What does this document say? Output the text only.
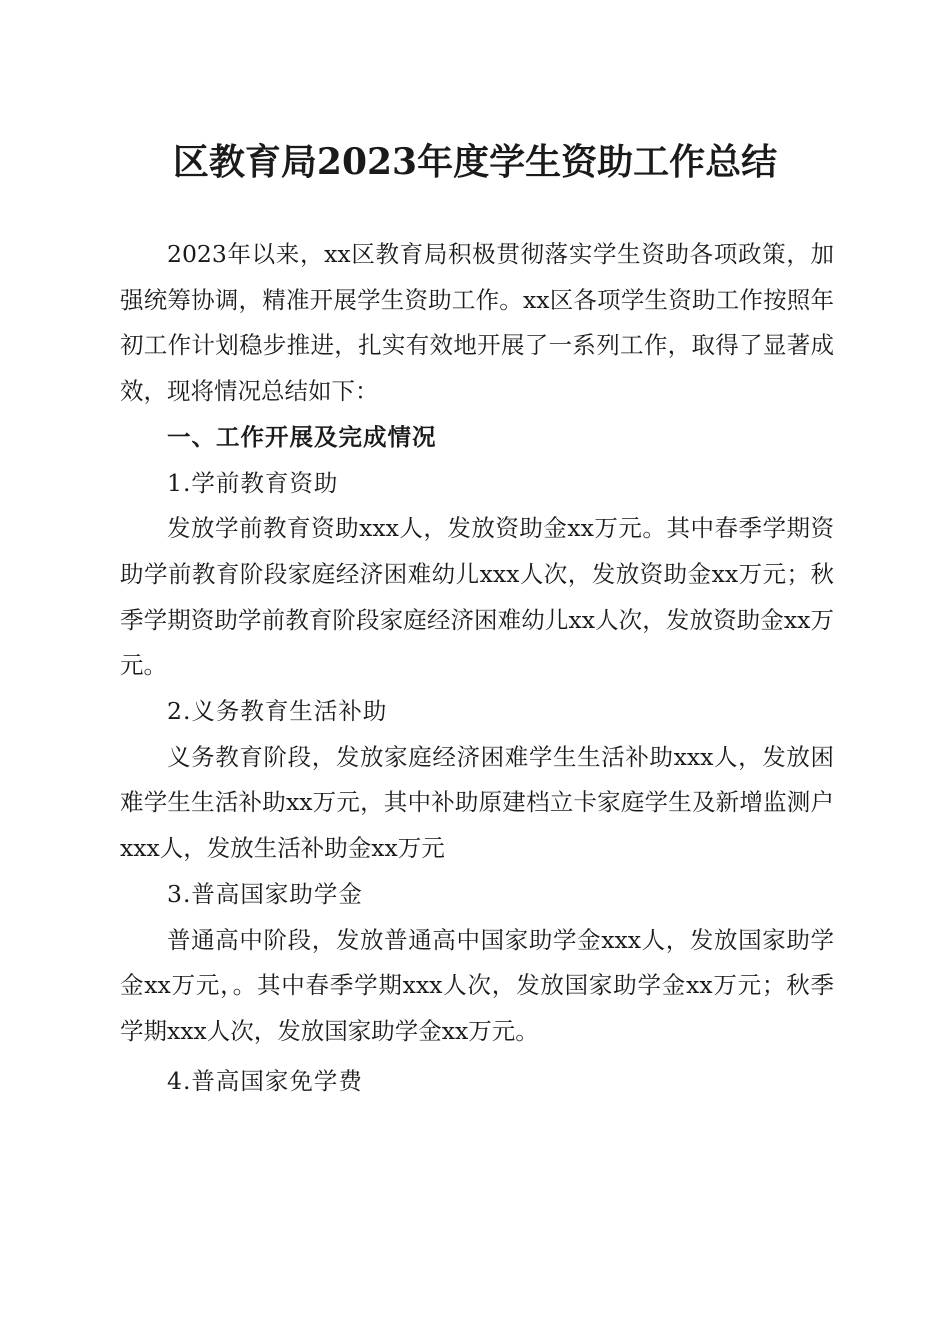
区教育局2023年度学生资助工作总结

2023年以来，xx区教育局积极贯彻落实学生资助各项政策，加强统筹协调，精准开展学生资助工作。xx区各项学生资助工作按照年初工作计划稳步推进，扎实有效地开展了一系列工作，取得了显著成效，现将情况总结如下：

一、工作开展及完成情况

1.学前教育资助

发放学前教育资助xxx人，发放资助金xx万元。其中春季学期资助学前教育阶段家庭经济困难幼儿xxx人次，发放资助金xx万元；秋季学期资助学前教育阶段家庭经济困难幼儿xx人次，发放资助金xx万元。

2.义务教育生活补助

义务教育阶段，发放家庭经济困难学生生活补助xxx人，发放困难学生生活补助xx万元，其中补助原建档立卡家庭学生及新增监测户xxx人，发放生活补助金xx万元

3.普高国家助学金

普通高中阶段，发放普通高中国家助学金xxx人，发放国家助学金xx万元，。其中春季学期xxx人次，发放国家助学金xx万元；秋季学期xxx人次，发放国家助学金xx万元。

4.普高国家免学费
